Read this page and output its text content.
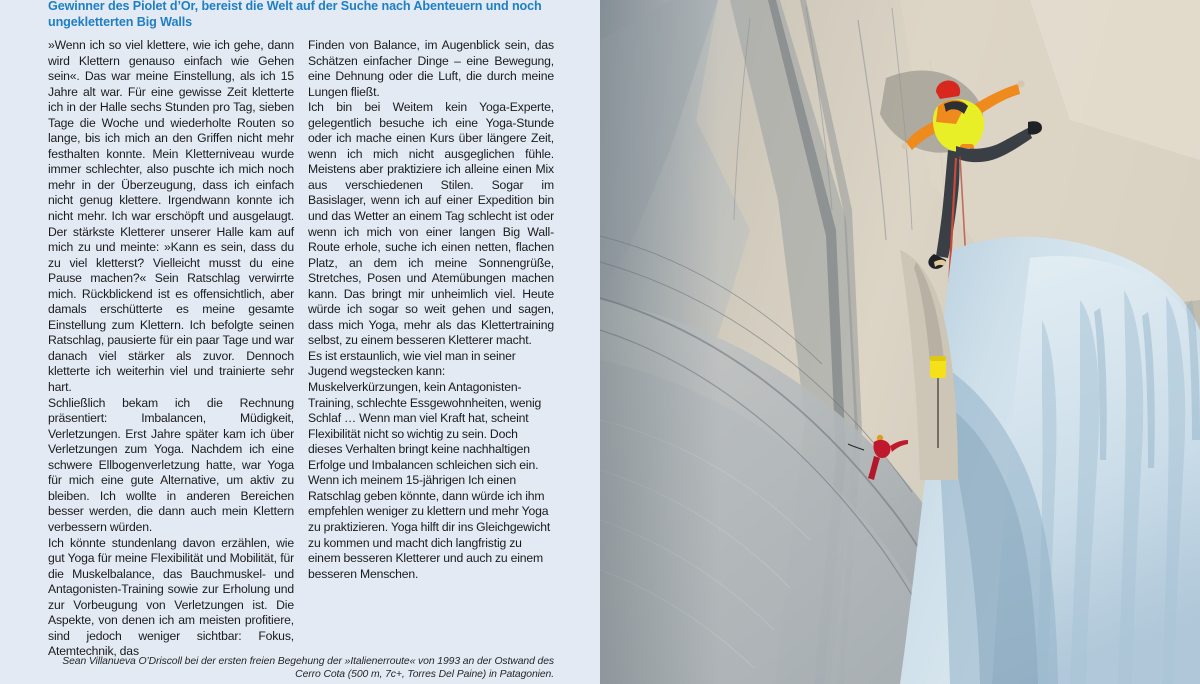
Gewinner des Piolet d’Or, bereist die Welt auf der Suche nach Abenteuern und noch ungekletterten Big Walls

»Wenn ich so viel klettere, wie ich gehe, dann wird Klettern genauso einfach wie Gehen sein«. Das war meine Einstellung, als ich 15 Jahre alt war. Für eine gewisse Zeit kletterte ich in der Halle sechs Stunden pro Tag, sieben Tage die Woche und wiederholte Routen so lange, bis ich mich an den Griffen nicht mehr festhalten konnte. Mein Kletterniveau wurde immer schlechter, also puschte ich mich noch mehr in der Überzeugung, dass ich einfach nicht genug klettere. Irgendwann konnte ich nicht mehr. Ich war erschöpft und ausgelaugt. Der stärkste Kletterer unserer Halle kam auf mich zu und meinte: »Kann es sein, dass du zu viel kletterst? Vielleicht musst du eine Pause machen?« Sein Ratschlag verwirrte mich. Rückblickend ist es offensichtlich, aber damals erschütterte es meine gesamte Einstellung zum Klettern. Ich befolgte seinen Ratschlag, pausierte für ein paar Tage und war danach viel stärker als zuvor. Dennoch kletterte ich weiterhin viel und trainierte sehr hart.

Schließlich bekam ich die Rechnung präsentiert: Imbalancen, Müdigkeit, Verletzungen. Erst Jahre später kam ich über Verletzungen zum Yoga. Nachdem ich eine schwere Ellbogenverletzung hatte, war Yoga für mich eine gute Alternative, um aktiv zu bleiben. Ich wollte in anderen Bereichen besser werden, die dann auch mein Klettern verbessern würden.

Ich könnte stundenlang davon erzählen, wie gut Yoga für meine Flexibilität und Mobilität, für die Muskelbalance, das Bauchmuskel- und Antagonisten-Training sowie zur Erholung und zur Vorbeugung von Verletzungen ist. Die Aspekte, von denen ich am meisten profitiere, sind jedoch weniger sichtbar: Fokus, Atemtechnik, das

Finden von Balance, im Augenblick sein, das Schätzen einfacher Dinge – eine Bewegung, eine Dehnung oder die Luft, die durch meine Lungen fließt.

Ich bin bei Weitem kein Yoga-Experte, gelegentlich besuche ich eine Yoga-Stunde oder ich mache einen Kurs über längere Zeit, wenn ich mich nicht ausgeglichen fühle. Meistens aber praktiziere ich alleine einen Mix aus verschiedenen Stilen. Sogar im Basislager, wenn ich auf einer Expedition bin und das Wetter an einem Tag schlecht ist oder wenn ich mich von einer langen Big Wall-Route erhole, suche ich einen netten, flachen Platz, an dem ich meine Sonnengrüße, Stretches, Posen und Atemübungen machen kann. Das bringt mir unheimlich viel. Heute würde ich sogar so weit gehen und sagen, dass mich Yoga, mehr als das Klettertraining selbst, zu einem besseren Kletterer macht.

Es ist erstaunlich, wie viel man in seiner Jugend wegstecken kann: Muskelverkürzungen, kein Antagonisten-Training, schlechte Essgewohnheiten, wenig Schlaf … Wenn man viel Kraft hat, scheint Flexibilität nicht so wichtig zu sein. Doch dieses Verhalten bringt keine nachhaltigen Erfolge und Imbalancen schleichen sich ein. Wenn ich meinem 15-jährigen Ich einen Ratschlag geben könnte, dann würde ich ihm empfehlen weniger zu klettern und mehr Yoga zu praktizieren. Yoga hilft dir ins Gleichgewicht zu kommen und macht dich langfristig zu einem besseren Kletterer und auch zu einem besseren Menschen.

Sean Villanueva O’Driscoll bei der ersten freien Begehung der »Italienerroute« von 1993 an der Ostwand des Cerro Cota (500 m, 7c+, Torres Del Paine) in Patagonien.
